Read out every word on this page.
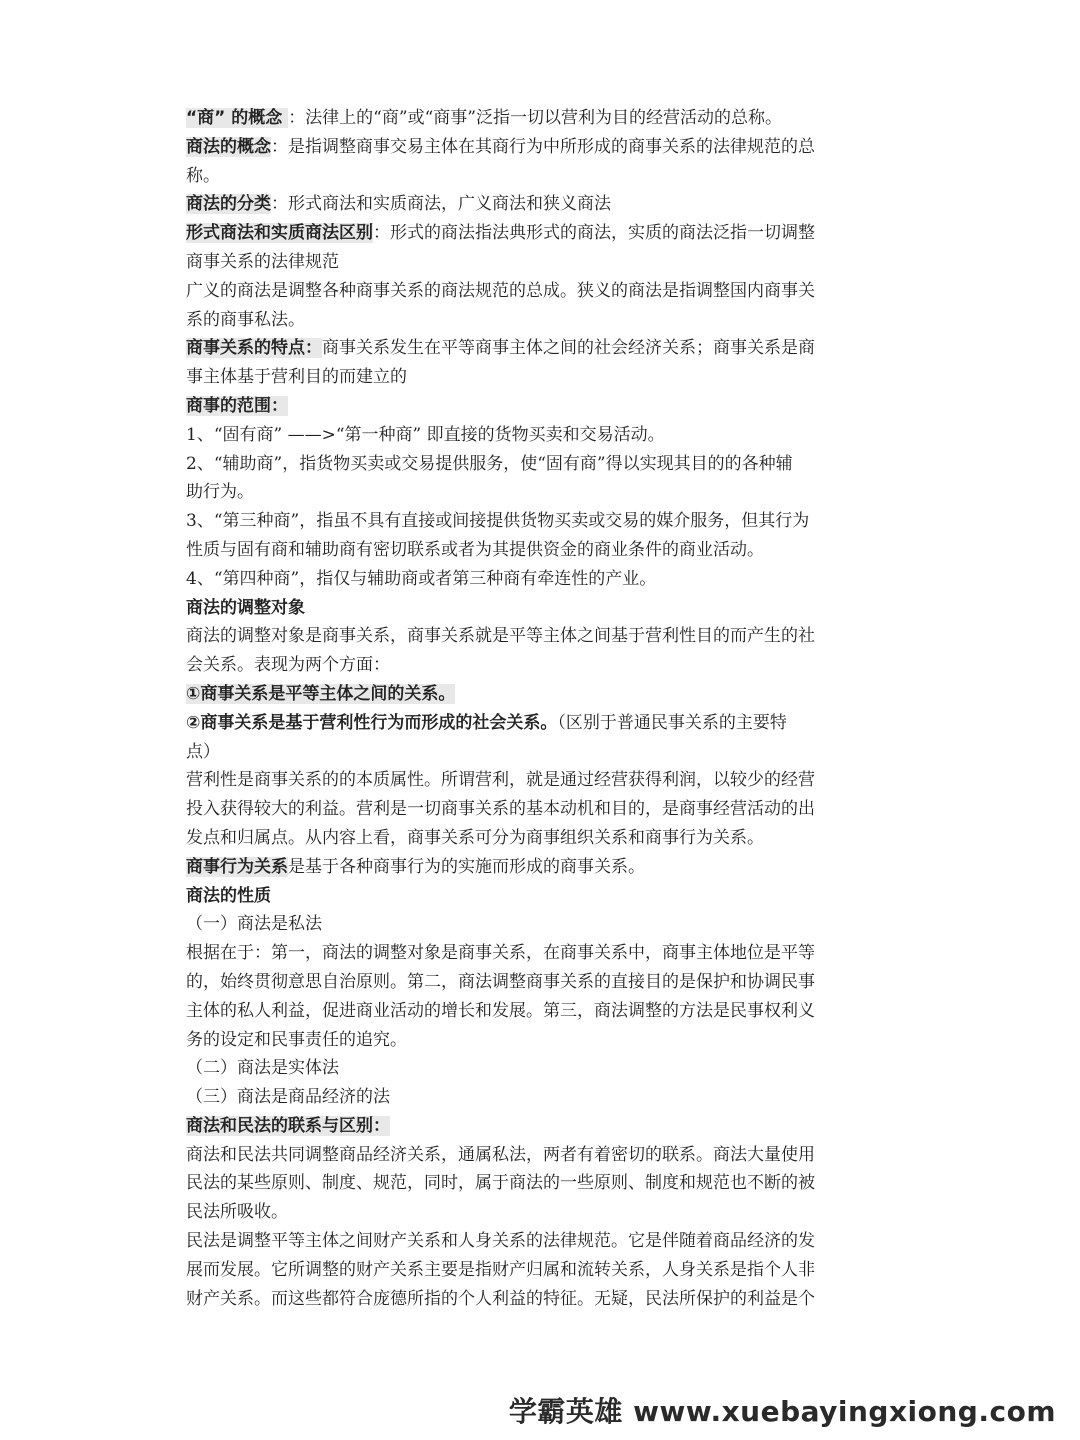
“商” 的概念 ：法律上的“商”或“商事”泛指一切以营利为目的经营活动的总称。
商法的概念：是指调整商事交易主体在其商行为中所形成的商事关系的法律规范的总
称。
商法的分类：形式商法和实质商法，广义商法和狭义商法
形式商法和实质商法区别：形式的商法指法典形式的商法，实质的商法泛指一切调整
商事关系的法律规范
广义的商法是调整各种商事关系的商法规范的总成。狭义的商法是指调整国内商事关
系的商事私法。
商事关系的特点：商事关系发生在平等商事主体之间的社会经济关系；商事关系是商
事主体基于营利目的而建立的
商事的范围：
1、“固有商” ——>“第一种商” 即直接的货物买卖和交易活动。
2、“辅助商”，指货物买卖或交易提供服务，使“固有商”得以实现其目的的各种辅
助行为。
3、“第三种商”，指虽不具有直接或间接提供货物买卖或交易的媒介服务，但其行为
性质与固有商和辅助商有密切联系或者为其提供资金的商业条件的商业活动。
4、“第四种商”，指仅与辅助商或者第三种商有牵连性的产业。
商法的调整对象
商法的调整对象是商事关系，商事关系就是平等主体之间基于营利性目的而产生的社
会关系。表现为两个方面：
①商事关系是平等主体之间的关系。
②商事关系是基于营利性行为而形成的社会关系。（区别于普通民事关系的主要特
点）
营利性是商事关系的的本质属性。所谓营利，就是通过经营获得利润，以较少的经营
投入获得较大的利益。营利是一切商事关系的基本动机和目的，是商事经营活动的出
发点和归属点。从内容上看，商事关系可分为商事组织关系和商事行为关系。
商事行为关系是基于各种商事行为的实施而形成的商事关系。
商法的性质
（一）商法是私法
根据在于：第一，商法的调整对象是商事关系，在商事关系中，商事主体地位是平等
的，始终贯彻意思自治原则。第二，商法调整商事关系的直接目的是保护和协调民事
主体的私人利益，促进商业活动的增长和发展。第三，商法调整的方法是民事权利义
务的设定和民事责任的追究。
（二）商法是实体法
（三）商法是商品经济的法
商法和民法的联系与区别：
商法和民法共同调整商品经济关系，通属私法，两者有着密切的联系。商法大量使用
民法的某些原则、制度、规范，同时，属于商法的一些原则、制度和规范也不断的被
民法所吸收。
民法是调整平等主体之间财产关系和人身关系的法律规范。它是伴随着商品经济的发
展而发展。它所调整的财产关系主要是指财产归属和流转关系，人身关系是指个人非
财产关系。而这些都符合庞德所指的个人利益的特征。无疑，民法所保护的利益是个
学霸英雄 www.xuebayingxiong.com
